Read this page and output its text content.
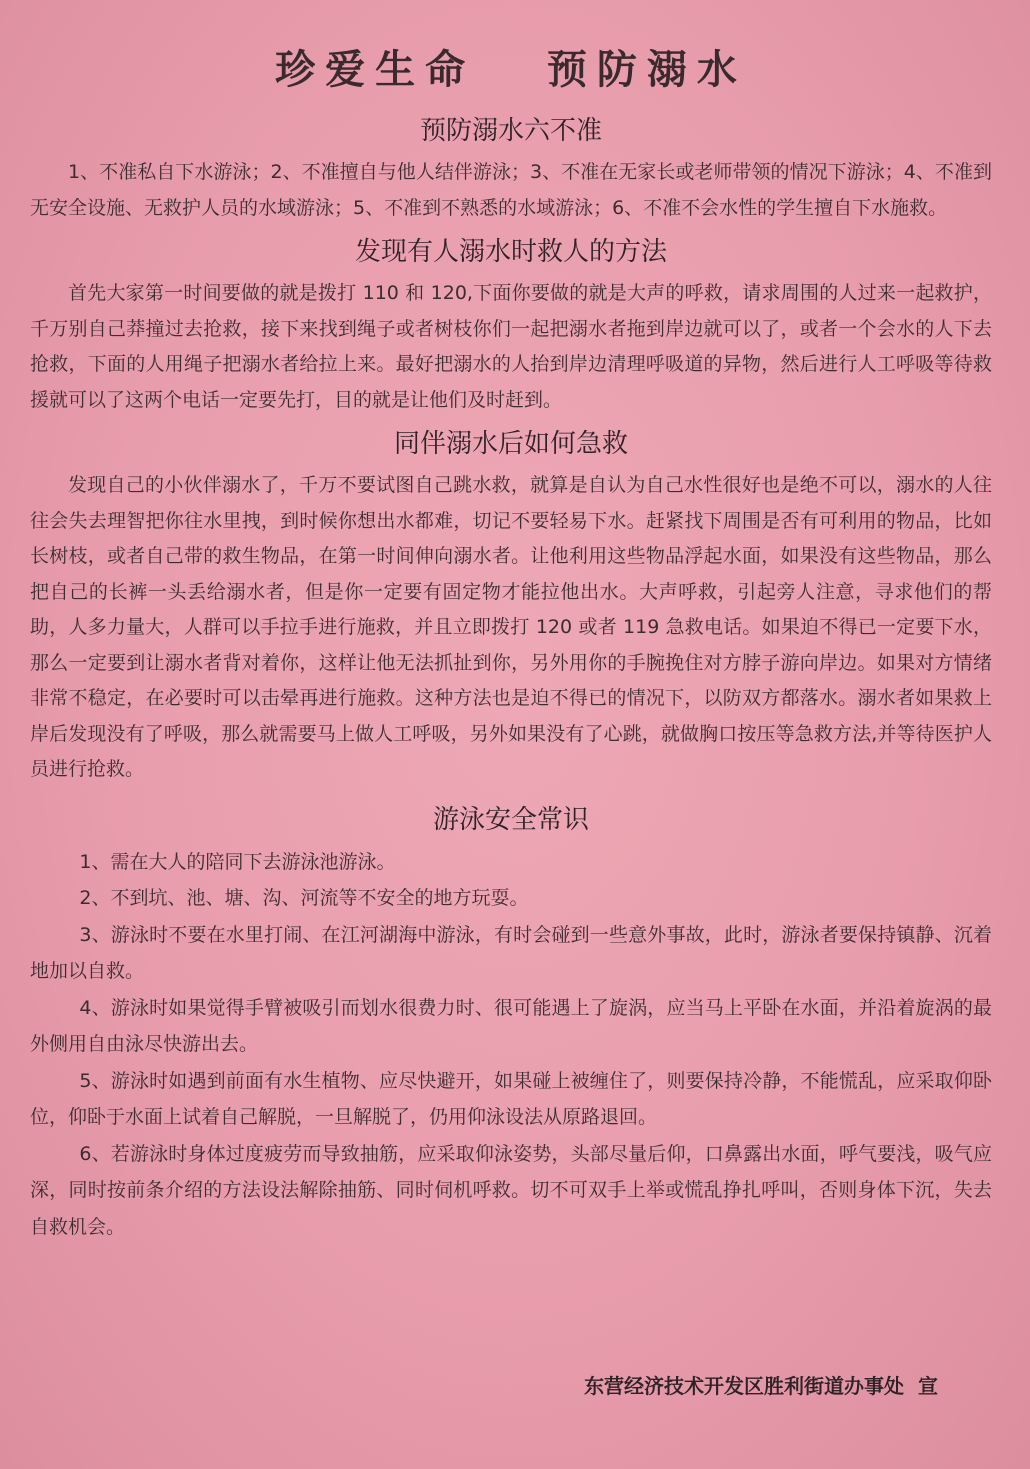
珍爱生命   预防溺水
预防溺水六不准

1、不准私自下水游泳；2、不准擅自与他人结伴游泳；3、不准在无家长或老师带领的情况下游泳；4、不准到无安全设施、无救护人员的水域游泳；5、不准到不熟悉的水域游泳；6、不准不会水性的学生擅自下水施救。

发现有人溺水时救人的方法

首先大家第一时间要做的就是拨打 110 和 120,下面你要做的就是大声的呼救，请求周围的人过来一起救护，千万别自己莽撞过去抢救，接下来找到绳子或者树枝你们一起把溺水者拖到岸边就可以了，或者一个会水的人下去抢救，下面的人用绳子把溺水者给拉上来。最好把溺水的人抬到岸边清理呼吸道的异物，然后进行人工呼吸等待救援就可以了这两个电话一定要先打，目的就是让他们及时赶到。

同伴溺水后如何急救

发现自己的小伙伴溺水了，千万不要试图自己跳水救，就算是自认为自己水性很好也是绝不可以，溺水的人往往会失去理智把你往水里拽，到时候你想出水都难，切记不要轻易下水。赶紧找下周围是否有可利用的物品，比如长树枝，或者自己带的救生物品，在第一时间伸向溺水者。让他利用这些物品浮起水面，如果没有这些物品，那么把自己的长裤一头丢给溺水者，但是你一定要有固定物才能拉他出水。大声呼救，引起旁人注意，寻求他们的帮助，人多力量大，人群可以手拉手进行施救，并且立即拨打 120 或者 119 急救电话。如果迫不得已一定要下水，那么一定要到让溺水者背对着你，这样让他无法抓扯到你，另外用你的手腕挽住对方脖子游向岸边。如果对方情绪非常不稳定，在必要时可以击晕再进行施救。这种方法也是迫不得已的情况下，以防双方都落水。溺水者如果救上岸后发现没有了呼吸，那么就需要马上做人工呼吸，另外如果没有了心跳，就做胸口按压等急救方法,并等待医护人员进行抢救。

游泳安全常识

1、需在大人的陪同下去游泳池游泳。

2、不到坑、池、塘、沟、河流等不安全的地方玩耍。

3、游泳时不要在水里打闹、在江河湖海中游泳，有时会碰到一些意外事故，此时，游泳者要保持镇静、沉着地加以自救。

4、游泳时如果觉得手臂被吸引而划水很费力时、很可能遇上了旋涡，应当马上平卧在水面，并沿着旋涡的最外侧用自由泳尽快游出去。

5、游泳时如遇到前面有水生植物、应尽快避开，如果碰上被缠住了，则要保持冷静，不能慌乱，应采取仰卧位，仰卧于水面上试着自己解脱，一旦解脱了，仍用仰泳设法从原路退回。

6、若游泳时身体过度疲劳而导致抽筋，应采取仰泳姿势，头部尽量后仰，口鼻露出水面，呼气要浅，吸气应深，同时按前条介绍的方法设法解除抽筋、同时伺机呼救。切不可双手上举或慌乱挣扎呼叫，否则身体下沉，失去自救机会。

东营经济技术开发区胜利街道办事处  宣
